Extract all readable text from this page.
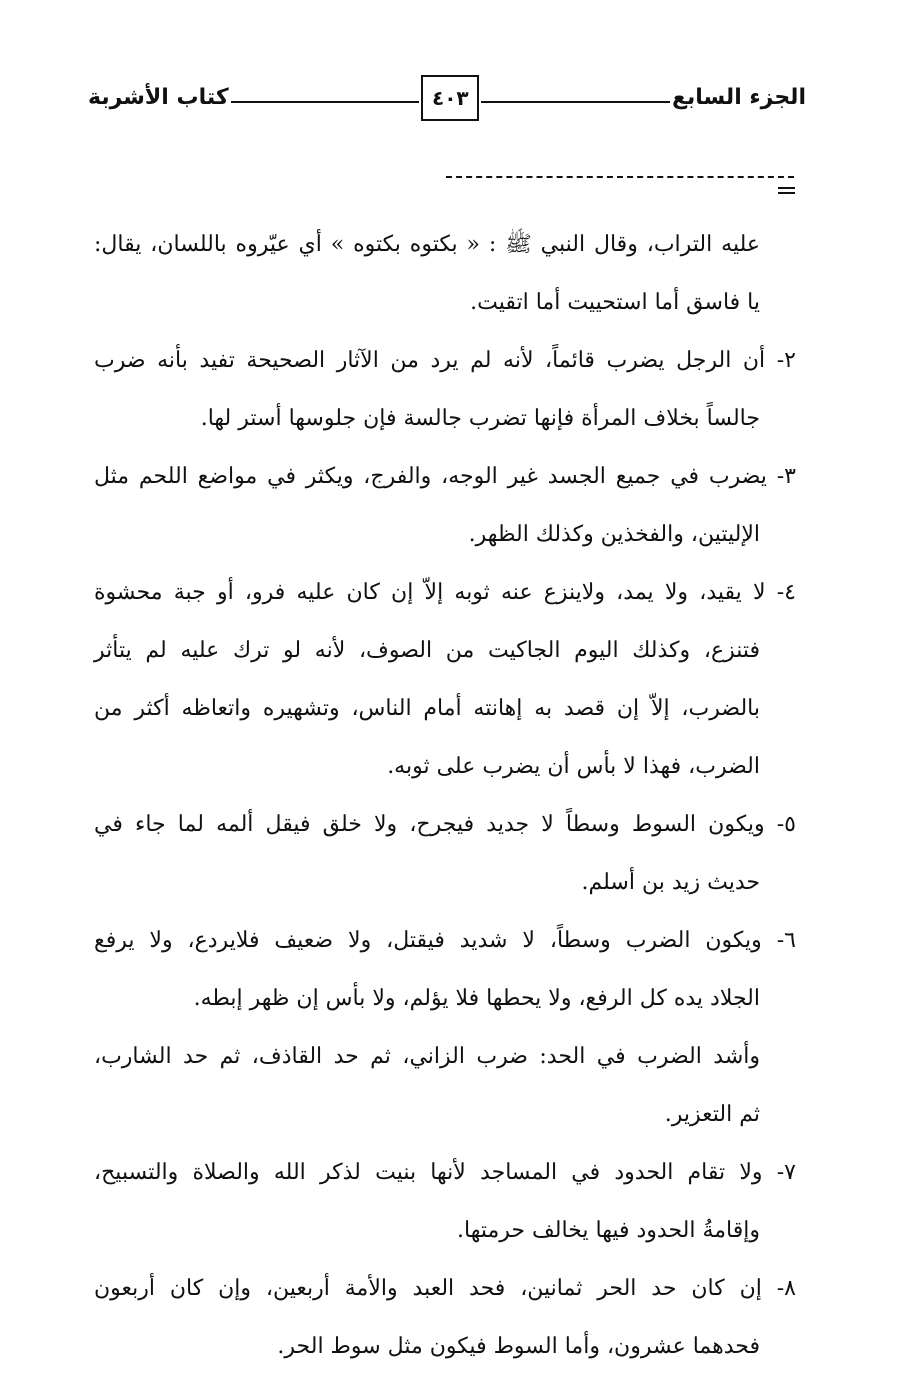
الجزء السابع
٤٠٣
كتاب الأشربة
عليه التراب، وقال النبي ﷺ : « بكتوه بكتوه » أي عيّروه باللسان، يقال:
يا فاسق أما استحييت أما اتقيت.
٢- أن الرجل يضرب قائماً، لأنه لم يرد من الآثار الصحيحة تفيد بأنه ضرب
جالساً بخلاف المرأة فإنها تضرب جالسة فإن جلوسها أستر لها.
٣- يضرب في جميع الجسد غير الوجه، والفرج، ويكثر في مواضع اللحم مثل
الإليتين، والفخذين وكذلك الظهر.
٤- لا يقيد، ولا يمد، ولاينزع عنه ثوبه إلاّ إن كان عليه فرو، أو جبة محشوة
فتنزع، وكذلك اليوم الجاكيت من الصوف، لأنه لو ترك عليه لم يتأثر
بالضرب، إلاّ إن قصد به إهانته أمام الناس، وتشهيره واتعاظه أكثر من
الضرب، فهذا لا بأس أن يضرب على ثوبه.
٥- ويكون السوط وسطاً لا جديد فيجرح، ولا خلق فيقل ألمه لما جاء في
حديث زيد بن أسلم.
٦- ويكون الضرب وسطاً، لا شديد فيقتل، ولا ضعيف فلايردع، ولا يرفع
الجلاد يده كل الرفع، ولا يحطها فلا يؤلم، ولا بأس إن ظهر إبطه.
وأشد الضرب في الحد: ضرب الزاني، ثم حد القاذف، ثم حد الشارب،
ثم التعزير.
٧- ولا تقام الحدود في المساجد لأنها بنيت لذكر الله والصلاة والتسبيح،
وإقامةُ الحدود فيها يخالف حرمتها.
٨- إن كان حد الحر ثمانين، فحد العبد والأمة أربعين، وإن كان أربعون
فحدهما عشرون، وأما السوط فيكون مثل سوط الحر.
